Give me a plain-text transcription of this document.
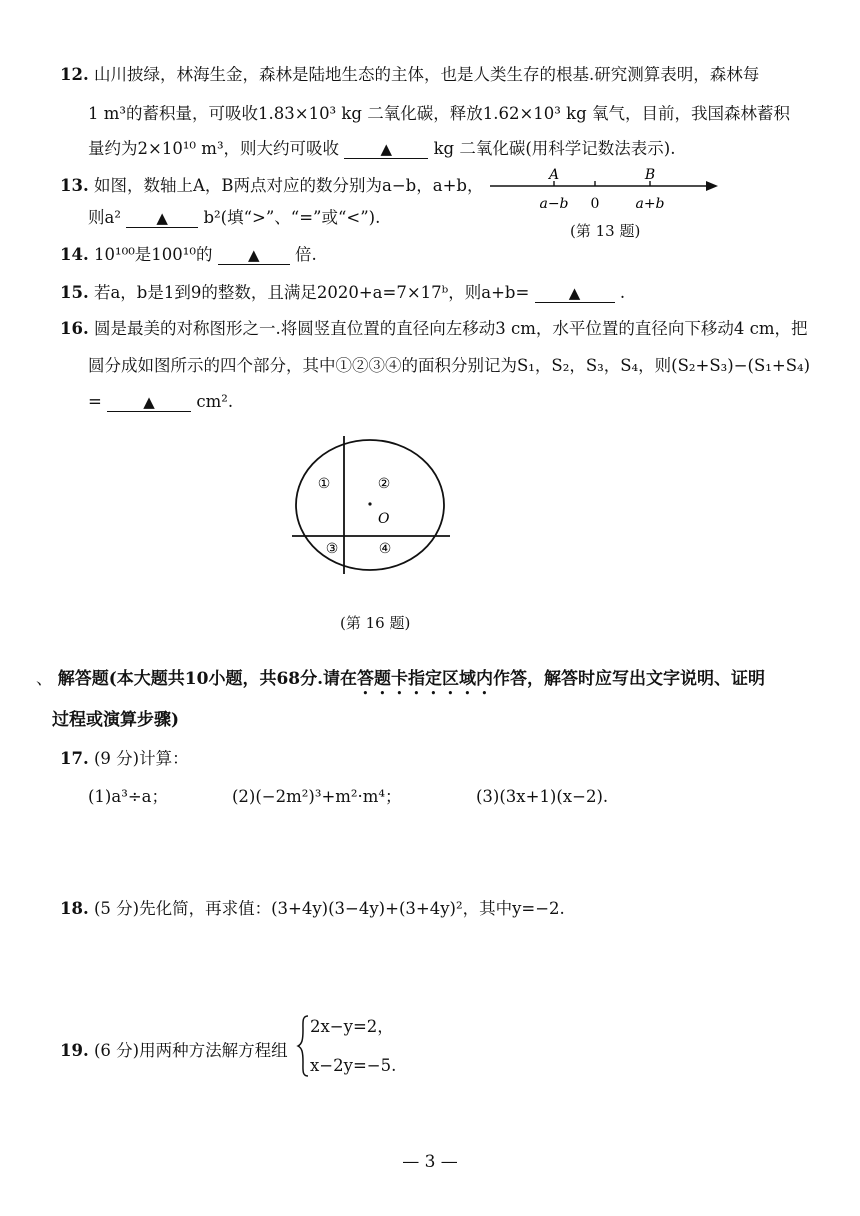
12. 山川披绿，林海生金，森林是陆地生态的主体，也是人类生存的根基.研究测算表明，森林每
1 m³的蓄积量，可吸收1.83×10³ kg 二氧化碳，释放1.62×10³ kg 氧气，目前，我国森林蓄积
量约为2×10¹⁰ m³，则大约可吸收	▲	kg 二氧化碳(用科学记数法表示).
13. 如图，数轴上A，B两点对应的数分别为a−b，a+b，
则a² ▲ b²(填“>”、“=”或“<”).
A	B
a−b 0	a+b
(第 13 题)
14. 10¹⁰⁰是100¹⁰的 ▲ 倍.
15. 若a，b是1到9的整数，且满足2020+a=7×17ᵇ，则a+b=	▲ .
16. 圆是最美的对称图形之一.将圆竖直位置的直径向左移动3 cm，水平位置的直径向下移动4 cm，把
圆分成如图所示的四个部分，其中①②③④的面积分别记为S₁，S₂，S₃，S₄，则(S₂+S₃)−(S₁+S₄)
=	▲	cm².
O
①	②
③	④
(第 16 题)
、 解答题(本大题共10小题，共68分.请在答题卡指定区域内作答，解答时应写出文字说明、证明
过程或演算步骤)
17. (9 分)计算：
(1)a³÷a；	(2)(−2m²)³+m²·m⁴；	(3)(3x+1)(x−2).
18. (5 分)先化简，再求值：(3+4y)(3−4y)+(3+4y)²，其中y=−2.
19. (6 分)用两种方法解方程组
2x−y=2，
x−2y=−5.
— 3 —
